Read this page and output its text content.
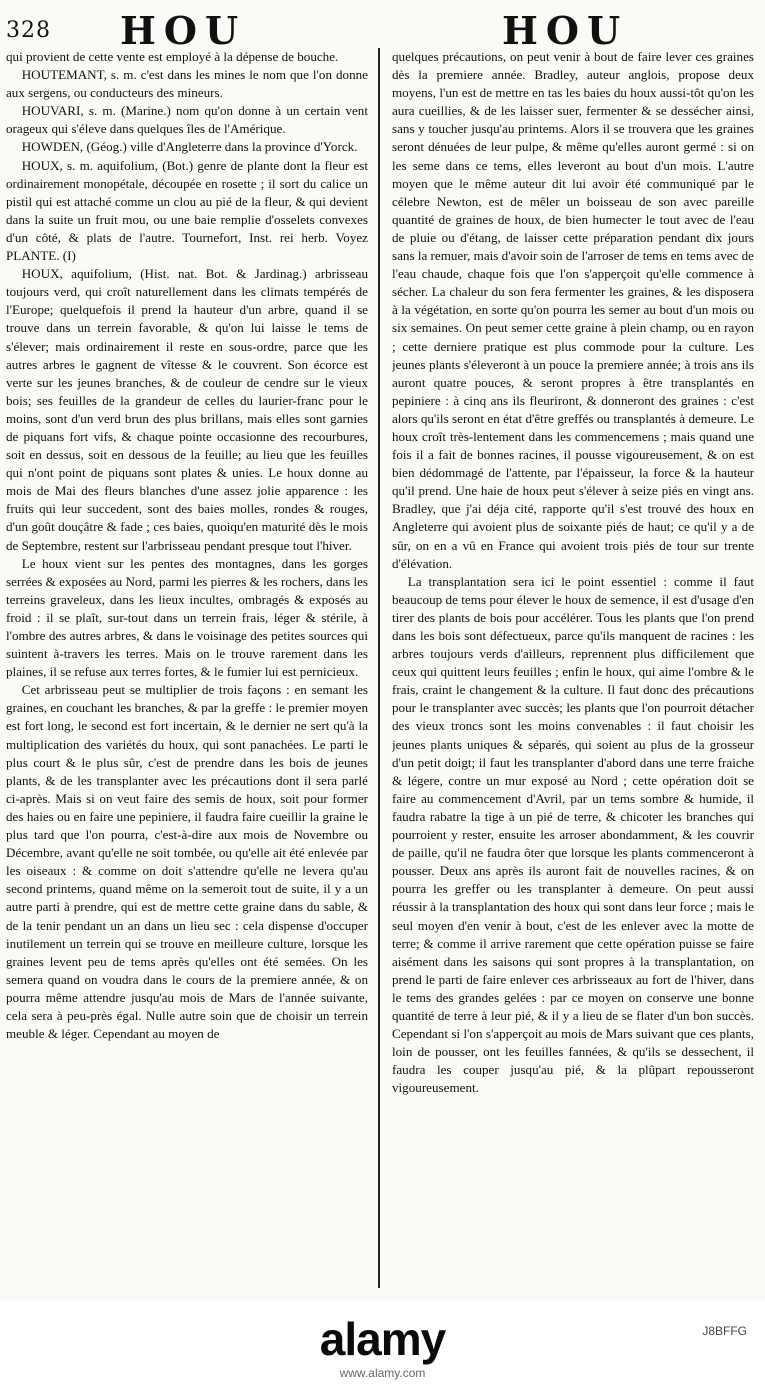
328 HOU	HOU

qui provient de cette vente est employé à la dépense de bouche.

HOUTEMANT, s. m. c'est dans les mines le nom que l'on donne aux sergens, ou conducteurs des mineurs.

HOUVARI, s. m. (Marine.) nom qu'on donne à un certain vent orageux qui s'éleve dans quelques îles de l'Amérique.

HOWDEN, (Géog.) ville d'Angleterre dans la province d'Yorck.

HOUX, s. m. aquifolium, (Bot.) genre de plante dont la fleur est ordinairement monopétale, découpée en rosette ; il sort du calice un pistil qui est attaché comme un clou au pié de la fleur, & qui devient dans la suite un fruit mou, ou une baie remplie d'osselets convexes d'un côté, & plats de l'autre. Tournefort, Inst. rei herb. Voyez PLANTE. (I)

HOUX, aquifolium, (Hist. nat. Bot. & Jardinag.) arbrisseau toujours verd, qui croît naturellement dans les climats tempérés de l'Europe; quelquefois il prend la hauteur d'un arbre, quand il se trouve dans un terrein favorable, & qu'on lui laisse le tems de s'élever; mais ordinairement il reste en sous-ordre, parce que les autres arbres le gagnent de vîtesse & le couvrent. Son écorce est verte sur les jeunes branches, & de couleur de cendre sur le vieux bois; ses feuilles de la grandeur de celles du laurier-franc pour le moins, sont d'un verd brun des plus brillans, mais elles sont garnies de piquans fort vifs, & chaque pointe occasionne des recourbures, soit en dessus, soit en dessous de la feuille; au lieu que les feuilles qui n'ont point de piquans sont plates & unies. Le houx donne au mois de Mai des fleurs blanches d'une assez jolie apparence : les fruits qui leur succedent, sont des baies molles, rondes & rouges, d'un goût douçâtre & fade ; ces baies, quoiqu'en maturité dès le mois de Septembre, restent sur l'arbrisseau pendant presque tout l'hiver.

Le houx vient sur les pentes des montagnes, dans les gorges serrées & exposées au Nord, parmi les pierres & les rochers, dans les terreins graveleux, dans les lieux incultes, ombragés & exposés au froid : il se plaît, sur-tout dans un terrein frais, léger & stérile, à l'ombre des autres arbres, & dans le voisinage des petites sources qui suintent à-travers les terres. Mais on le trouve rarement dans les plaines, il se refuse aux terres fortes, & le fumier lui est pernicieux.

Cet arbrisseau peut se multiplier de trois façons : en semant les graines, en couchant les branches, & par la greffe : le premier moyen est fort long, le second est fort incertain, & le dernier ne sert qu'à la multiplication des variétés du houx, qui sont panachées. Le parti le plus court & le plus sûr, c'est de prendre dans les bois de jeunes plants, & de les transplanter avec les précautions dont il sera parlé ci-après. Mais si on veut faire des semis de houx, soit pour former des haies ou en faire une pepiniere, il faudra faire cueillir la graine le plus tard que l'on pourra, c'est-à-dire aux mois de Novembre ou Décembre, avant qu'elle ne soit tombée, ou qu'elle ait été enlevée par les oiseaux : & comme on doit s'attendre qu'elle ne levera qu'au second printems, quand même on la semeroit tout de suite, il y a un autre parti à prendre, qui est de mettre cette graine dans du sable, & de la tenir pendant un an dans un lieu sec : cela dispense d'occuper inutilement un terrein qui se trouve en meilleure culture, lorsque les graines levent peu de tems après qu'elles ont été semées. On les semera quand on voudra dans le cours de la premiere année, & on pourra même attendre jusqu'au mois de Mars de l'année suivante, cela sera à peu-près égal. Nulle autre soin que de choisir un terrein meuble & léger. Cependant au moyen de

quelques précautions, on peut venir à bout de faire lever ces graines dès la premiere année. Bradley, auteur anglois, propose deux moyens, l'un est de mettre en tas les baies du houx aussi-tôt qu'on les aura cueillies, & de les laisser suer, fermenter & se dessécher ainsi, sans y toucher jusqu'au printems. Alors il se trouvera que les graines seront dénuées de leur pulpe, & même qu'elles auront germé : si on les seme dans ce tems, elles leveront au bout d'un mois. L'autre moyen que le même auteur dit lui avoir été communiqué par le célebre Newton, est de mêler un boisseau de son avec pareille quantité de graines de houx, de bien humecter le tout avec de l'eau de pluie ou d'étang, de laisser cette préparation pendant dix jours sans la remuer, mais d'avoir soin de l'arroser de tems en tems avec de l'eau chaude, chaque fois que l'on s'apperçoit qu'elle commence à sécher. La chaleur du son fera fermenter les graines, & les disposera à la végétation, en sorte qu'on pourra les semer au bout d'un mois ou six semaines. On peut semer cette graine à plein champ, ou en rayon ; cette derniere pratique est plus commode pour la culture. Les jeunes plants s'éleveront à un pouce la premiere année; à trois ans ils auront quatre pouces, & seront propres à être transplantés en pepiniere : à cinq ans ils fleuriront, & donneront des graines : c'est alors qu'ils seront en état d'être greffés ou transplantés à demeure. Le houx croît très-lentement dans les commencemens ; mais quand une fois il a fait de bonnes racines, il pousse vigoureusement, & on est bien dédommagé de l'attente, par l'épaisseur, la force & la hauteur qu'il prend. Une haie de houx peut s'élever à seize piés en vingt ans. Bradley, que j'ai déja cité, rapporte qu'il s'est trouvé des houx en Angleterre qui avoient plus de soixante piés de haut; ce qu'il y a de sûr, on en a vû en France qui avoient trois piés de tour sur trente d'élévation.

La transplantation sera ici le point essentiel : comme il faut beaucoup de tems pour élever le houx de semence, il est d'usage d'en tirer des plants de bois pour accélérer. Tous les plants que l'on prend dans les bois sont défectueux, parce qu'ils manquent de racines : les arbres toujours verds d'ailleurs, reprennent plus difficilement que ceux qui quittent leurs feuilles ; enfin le houx, qui aime l'ombre & le frais, craint le changement & la culture. Il faut donc des précautions pour le transplanter avec succès; les plants que l'on pourroit détacher des vieux troncs sont les moins convenables : il faut choisir les jeunes plants uniques & séparés, qui soient au plus de la grosseur d'un petit doigt; il faut les transplanter d'abord dans une terre fraiche & légere, contre un mur exposé au Nord ; cette opération doit se faire au commencement d'Avril, par un tems sombre & humide, il faudra rabatre la tige à un pié de terre, & chicoter les branches qui pourroient y rester, ensuite les arroser abondamment, & les couvrir de paille, qu'il ne faudra ôter que lorsque les plants commenceront à pousser. Deux ans après ils auront fait de nouvelles racines, & on pourra les greffer ou les transplanter à demeure. On peut aussi réussir à la transplantation des houx qui sont dans leur force ; mais le seul moyen d'en venir à bout, c'est de les enlever avec la motte de terre; & comme il arrive rarement que cette opération puisse se faire aisément dans les saisons qui sont propres à la transplantation, on prend le parti de faire enlever ces arbrisseaux au fort de l'hiver, dans le tems des grandes gelées : par ce moyen on conserve une bonne quantité de terre à leur pié, & il y a lieu de se flater d'un bon succès. Cependant si l'on s'apperçoit au mois de Mars suivant que ces plants, loin de pousser, ont les feuilles fannées, & qu'ils se dessechent, il faudra les couper jusqu'au pié, & la plûpart repousseront vigoureusement.

alamy	J8BFFG
www.alamy.com
